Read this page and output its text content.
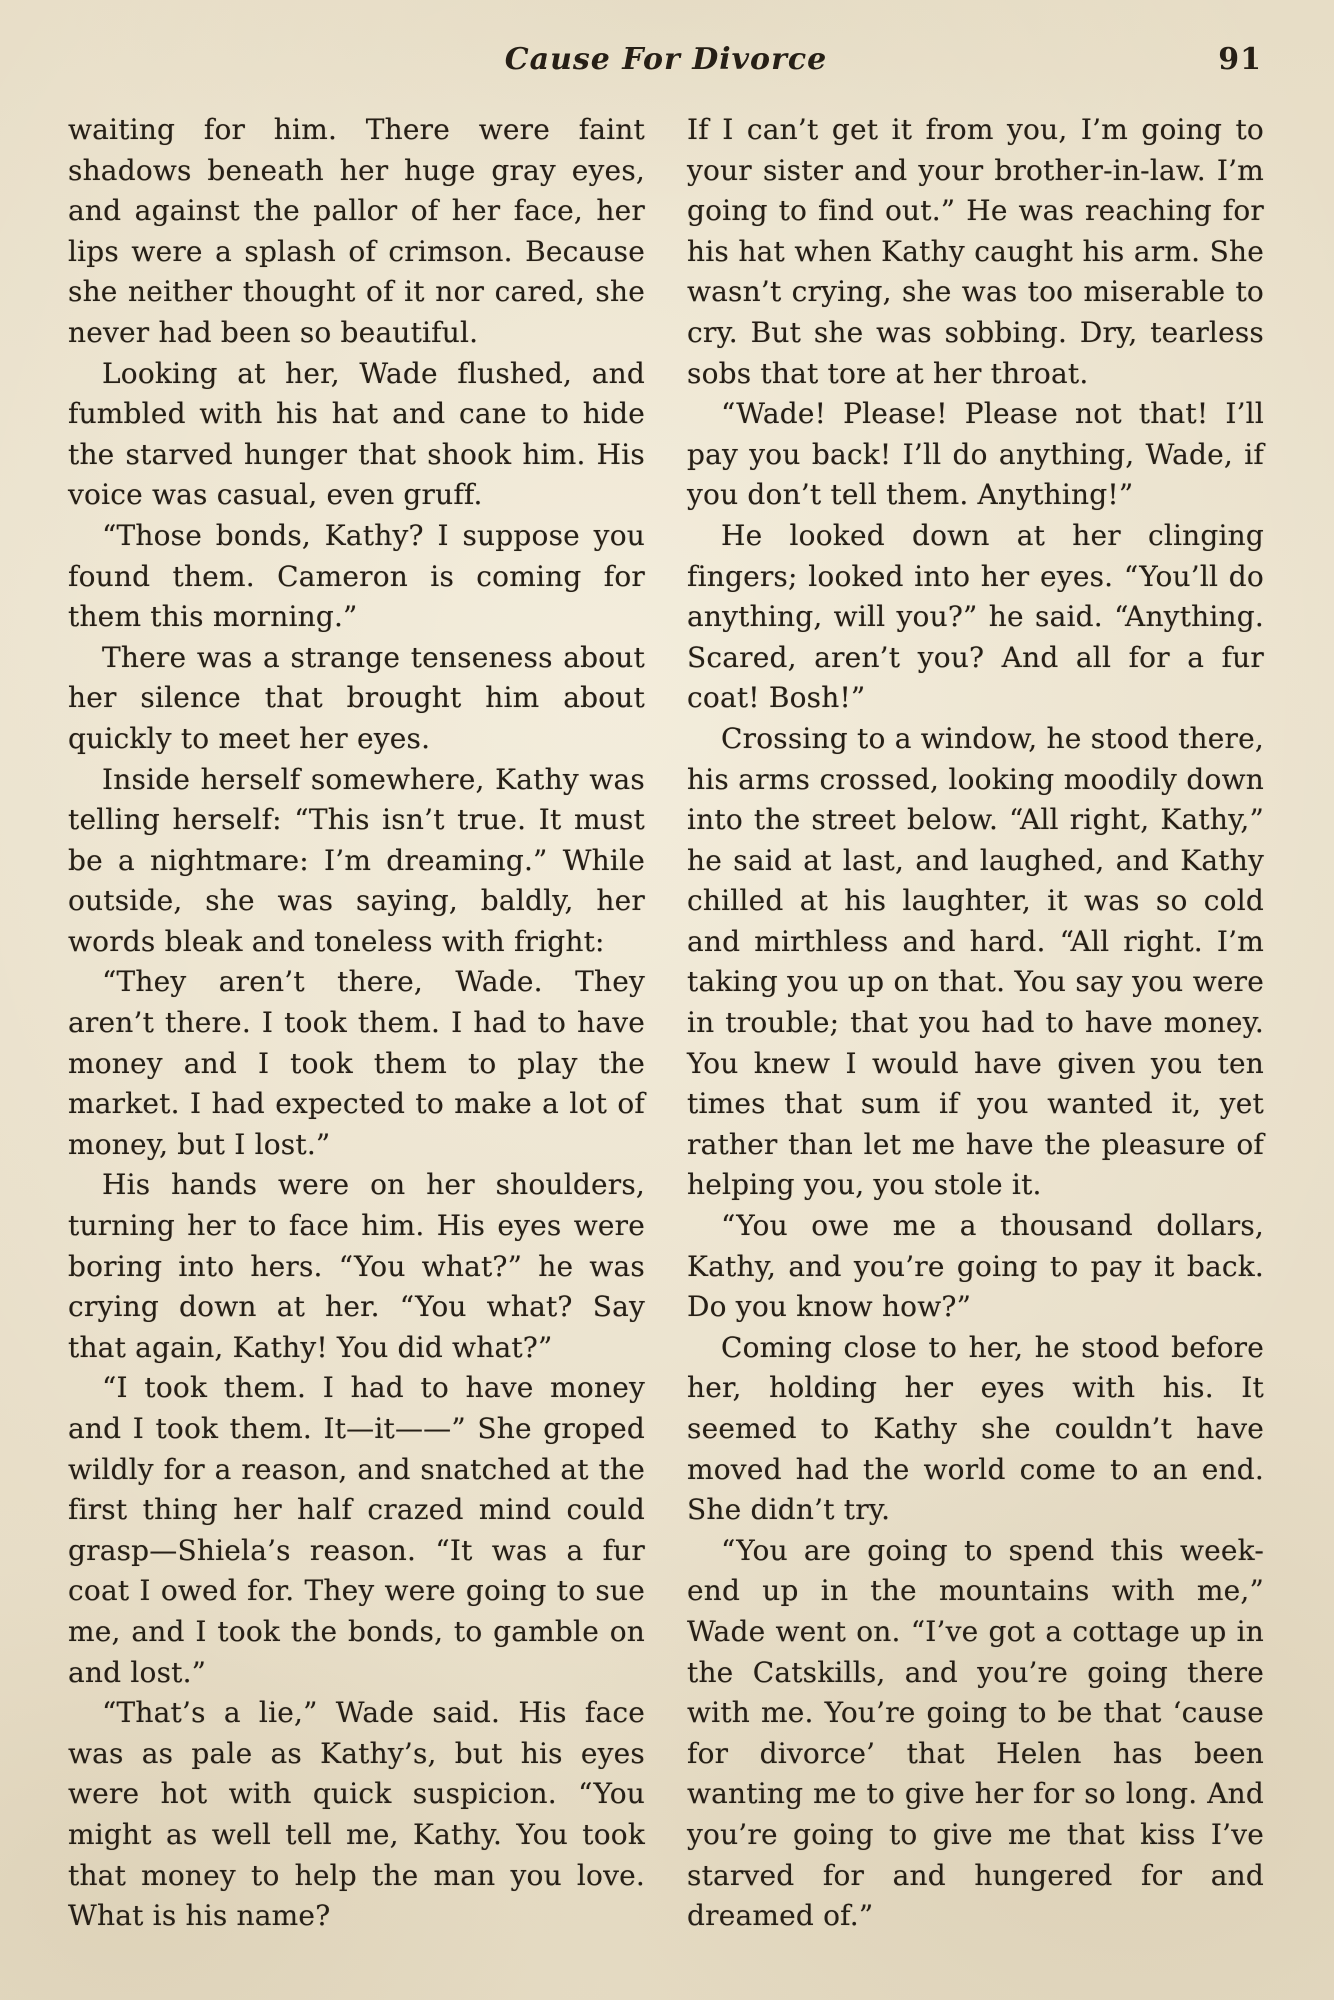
Cause For Divorce	91

waiting for him. There were faint shadows beneath her huge gray eyes, and against the pallor of her face, her lips were a splash of crimson. Because she neither thought of it nor cared, she never had been so beautiful.

Looking at her, Wade flushed, and fumbled with his hat and cane to hide the starved hunger that shook him. His voice was casual, even gruff.

“Those bonds, Kathy? I suppose you found them. Cameron is coming for them this morning.”

There was a strange tenseness about her silence that brought him about quickly to meet her eyes.

Inside herself somewhere, Kathy was telling herself: “This isn’t true. It must be a nightmare: I’m dreaming.” While outside, she was saying, baldly, her words bleak and toneless with fright:

“They aren’t there, Wade. They aren’t there. I took them. I had to have money and I took them to play the market. I had expected to make a lot of money, but I lost.”

His hands were on her shoulders, turning her to face him. His eyes were boring into hers. “You what?” he was crying down at her. “You what? Say that again, Kathy! You did what?”

“I took them. I had to have money and I took them. It—it——” She groped wildly for a reason, and snatched at the first thing her half crazed mind could grasp—Shiela’s reason. “It was a fur coat I owed for. They were going to sue me, and I took the bonds, to gamble on and lost.”

“That’s a lie,” Wade said. His face was as pale as Kathy’s, but his eyes were hot with quick suspicion. “You might as well tell me, Kathy. You took that money to help the man you love. What is his name?

If I can’t get it from you, I’m going to your sister and your brother-in-law. I’m going to find out.” He was reaching for his hat when Kathy caught his arm. She wasn’t crying, she was too miserable to cry. But she was sobbing. Dry, tearless sobs that tore at her throat.

“Wade! Please! Please not that! I’ll pay you back! I’ll do anything, Wade, if you don’t tell them. Anything!”

He looked down at her clinging fingers; looked into her eyes. “You’ll do anything, will you?” he said. “Anything. Scared, aren’t you? And all for a fur coat! Bosh!”

Crossing to a window, he stood there, his arms crossed, looking moodily down into the street below. “All right, Kathy,” he said at last, and laughed, and Kathy chilled at his laughter, it was so cold and mirthless and hard. “All right. I’m taking you up on that. You say you were in trouble; that you had to have money. You knew I would have given you ten times that sum if you wanted it, yet rather than let me have the pleasure of helping you, you stole it.

“You owe me a thousand dollars, Kathy, and you’re going to pay it back. Do you know how?”

Coming close to her, he stood before her, holding her eyes with his. It seemed to Kathy she couldn’t have moved had the world come to an end. She didn’t try.

“You are going to spend this week-end up in the mountains with me,” Wade went on. “I’ve got a cottage up in the Catskills, and you’re going there with me. You’re going to be that ‘cause for divorce’ that Helen has been wanting me to give her for so long. And you’re going to give me that kiss I’ve starved for and hungered for and dreamed of.”
